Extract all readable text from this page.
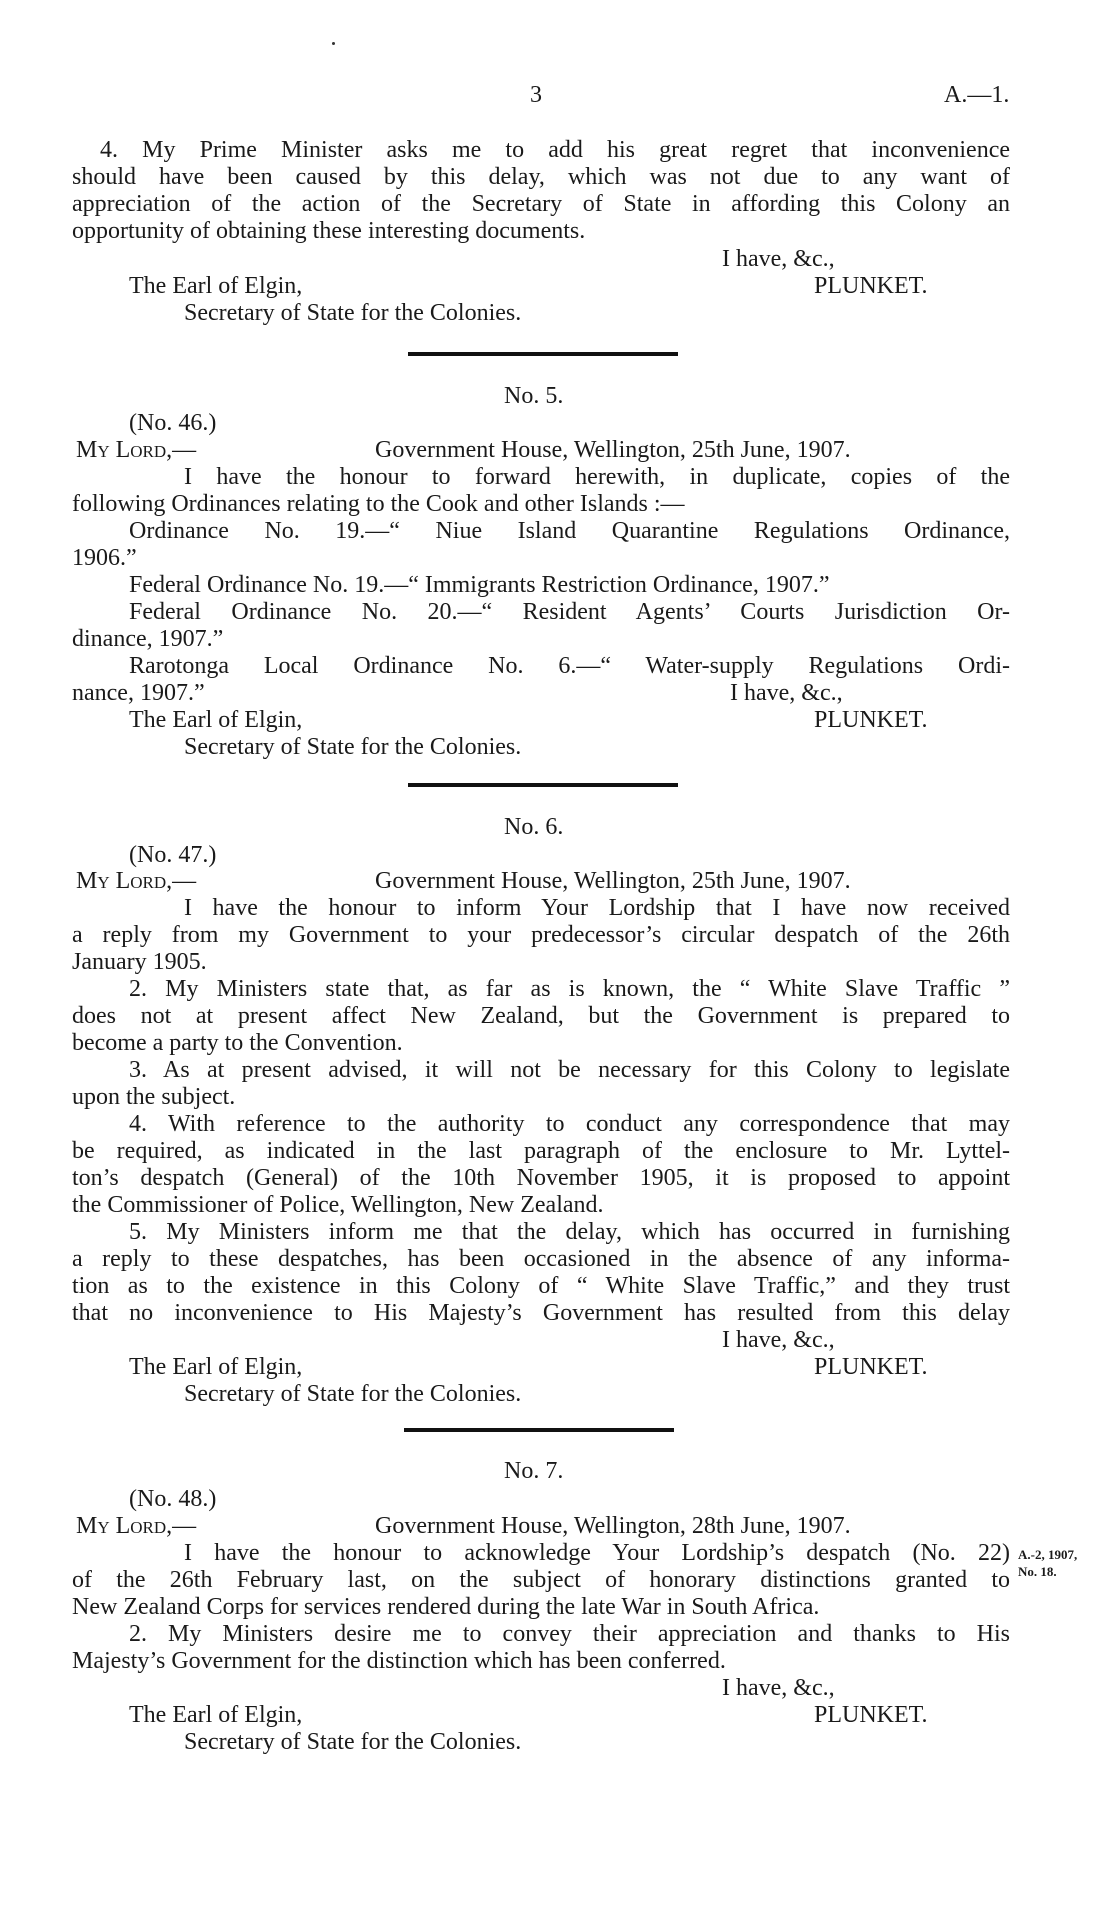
3	A.—1.
4. My Prime Minister asks me to add his great regret that inconvenience
should have been caused by this delay, which was not due to any want of
appreciation of the action of the Secretary of State in affording this Colony an
opportunity of obtaining these interesting documents.
I have, &c.,
The Earl of Elgin,	PLUNKET.
Secretary of State for the Colonies.
No. 5.
(No. 46.)
My Lord,—	Government House, Wellington, 25th June, 1907.
I have the honour to forward herewith, in duplicate, copies of the
following Ordinances relating to the Cook and other Islands :—
Ordinance No. 19.—“ Niue Island Quarantine Regulations Ordinance,
1906.”
Federal Ordinance No. 19.—“ Immigrants Restriction Ordinance, 1907.”
Federal Ordinance No. 20.—“ Resident Agents’ Courts Jurisdiction Or-
dinance, 1907.”
Rarotonga Local Ordinance No. 6.—“ Water-supply Regulations Ordi-
nance, 1907.”	I have, &c.,
The Earl of Elgin,	PLUNKET.
Secretary of State for the Colonies.
No. 6.
(No. 47.)
My Lord,—	Government House, Wellington, 25th June, 1907.
I have the honour to inform Your Lordship that I have now received
a reply from my Government to your predecessor’s circular despatch of the 26th
January 1905.
2. My Ministers state that, as far as is known, the “ White Slave Traffic ”
does not at present affect New Zealand, but the Government is prepared to
become a party to the Convention.
3. As at present advised, it will not be necessary for this Colony to legislate
upon the subject.
4. With reference to the authority to conduct any correspondence that may
be required, as indicated in the last paragraph of the enclosure to Mr. Lyttel-
ton’s despatch (General) of the 10th November 1905, it is proposed to appoint
the Commissioner of Police, Wellington, New Zealand.
5. My Ministers inform me that the delay, which has occurred in furnishing
a reply to these despatches, has been occasioned in the absence of any informa-
tion as to the existence in this Colony of “ White Slave Traffic,” and they trust
that no inconvenience to His Majesty’s Government has resulted from this delay
I have, &c.,
The Earl of Elgin,	PLUNKET.
Secretary of State for the Colonies.
No. 7.
(No. 48.)
My Lord,—	Government House, Wellington, 28th June, 1907.
I have the honour to acknowledge Your Lordship’s despatch (No. 22)
of the 26th February last, on the subject of honorary distinctions granted to
New Zealand Corps for services rendered during the late War in South Africa.
2. My Ministers desire me to convey their appreciation and thanks to His
Majesty’s Government for the distinction which has been conferred.
A.-2, 1907,
No. 18.
I have, &c.,
The Earl of Elgin,	PLUNKET.
Secretary of State for the Colonies.
